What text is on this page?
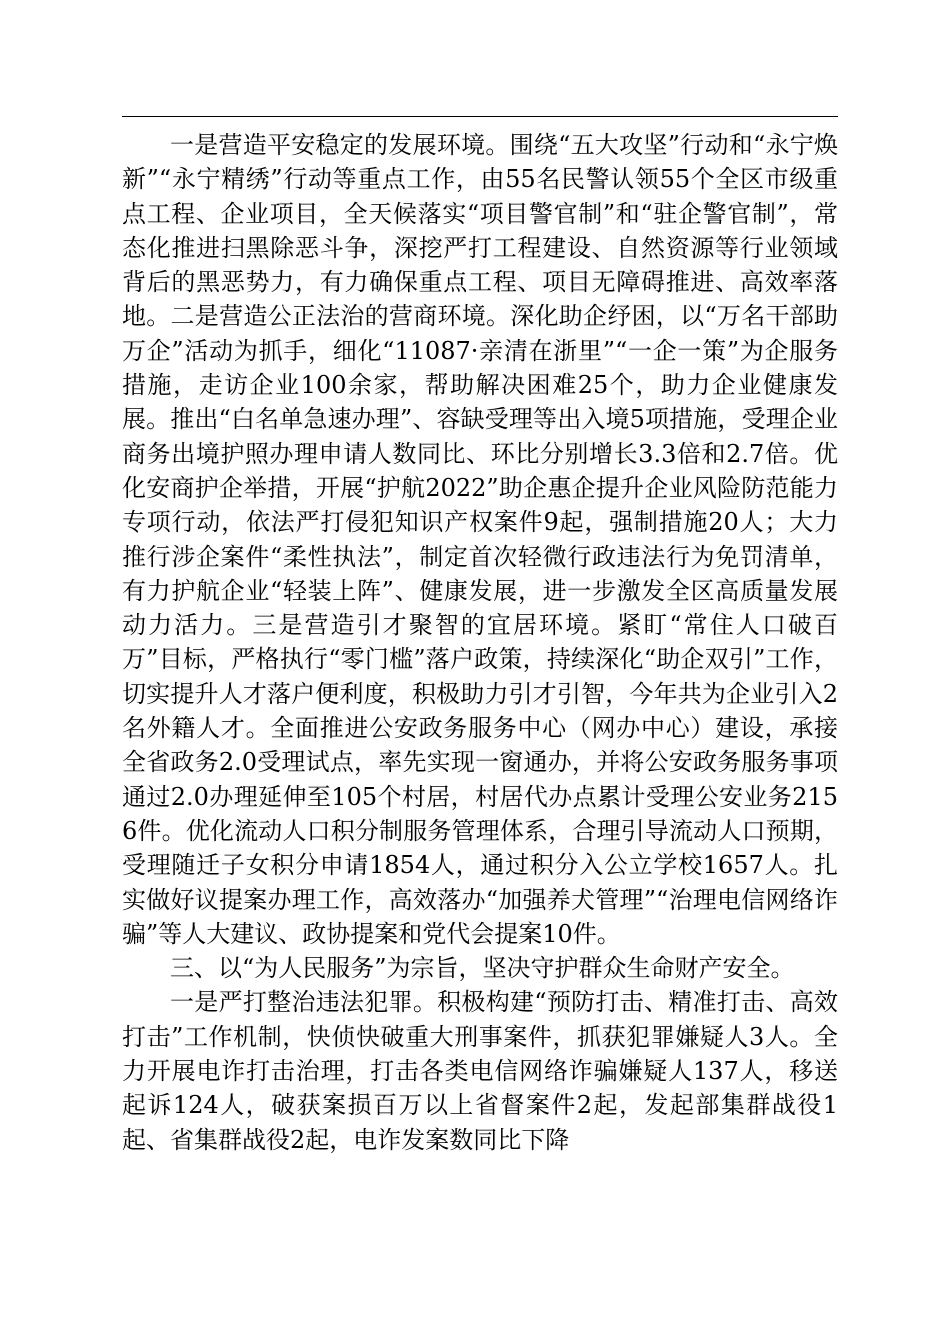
一是营造平安稳定的发展环境。围绕“五大攻坚”行动和“永宁焕新”“永宁精绣”行动等重点工作，由55名民警认领55个全区市级重点工程、企业项目，全天候落实“项目警官制”和“驻企警官制”，常态化推进扫黑除恶斗争，深挖严打工程建设、自然资源等行业领域背后的黑恶势力，有力确保重点工程、项目无障碍推进、高效率落地。二是营造公正法治的营商环境。深化助企纾困，以“万名干部助万企”活动为抓手，细化“11087·亲清在浙里”“一企一策”为企服务措施，走访企业100余家，帮助解决困难25个，助力企业健康发展。推出“白名单急速办理”、容缺受理等出入境5项措施，受理企业商务出境护照办理申请人数同比、环比分别增长3.3倍和2.7倍。优化安商护企举措，开展“护航2022”助企惠企提升企业风险防范能力专项行动，依法严打侵犯知识产权案件9起，强制措施20人；大力推行涉企案件“柔性执法”，制定首次轻微行政违法行为免罚清单，有力护航企业“轻装上阵”、健康发展，进一步激发全区高质量发展动力活力。三是营造引才聚智的宜居环境。紧盯“常住人口破百万”目标，严格执行“零门槛”落户政策，持续深化“助企双引”工作，切实提升人才落户便利度，积极助力引才引智，今年共为企业引入2名外籍人才。全面推进公安政务服务中心（网办中心）建设，承接全省政务2.0受理试点，率先实现一窗通办，并将公安政务服务事项通过2.0办理延伸至105个村居，村居代办点累计受理公安业务2156件。优化流动人口积分制服务管理体系，合理引导流动人口预期，受理随迁子女积分申请1854人，通过积分入公立学校1657人。扎实做好议提案办理工作，高效落办“加强养犬管理”“治理电信网络诈骗”等人大建议、政协提案和党代会提案10件。

三、以“为人民服务”为宗旨，坚决守护群众生命财产安全。

一是严打整治违法犯罪。积极构建“预防打击、精准打击、高效打击”工作机制，快侦快破重大刑事案件，抓获犯罪嫌疑人3人。全力开展电诈打击治理，打击各类电信网络诈骗嫌疑人137人，移送起诉124人，破获案损百万以上省督案件2起，发起部集群战役1起、省集群战役2起，电诈发案数同比下降
